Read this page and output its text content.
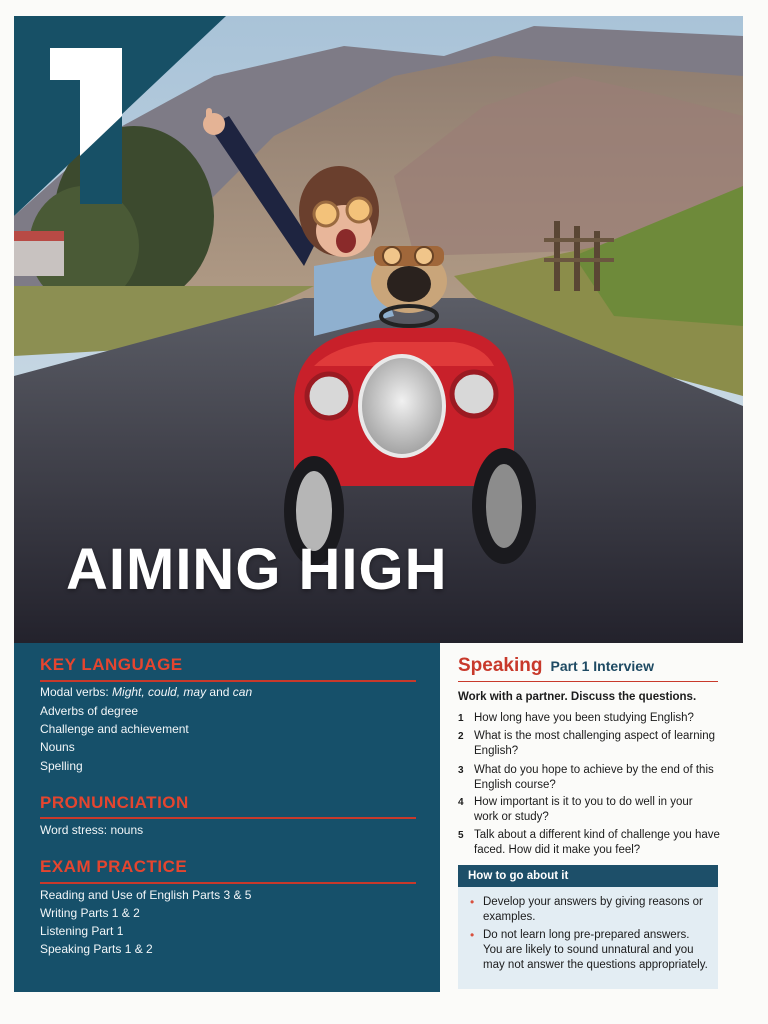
AIMING HIGH
KEY LANGUAGE
Modal verbs: Might, could, may and can
Adverbs of degree
Challenge and achievement
Nouns
Spelling
PRONUNCIATION
Word stress: nouns
EXAM PRACTICE
Reading and Use of English Parts 3 & 5
Writing Parts 1 & 2
Listening Part 1
Speaking Parts 1 & 2
Speaking Part 1 Interview
Work with a partner. Discuss the questions.
1 How long have you been studying English?
2 What is the most challenging aspect of learning English?
3 What do you hope to achieve by the end of this English course?
4 How important is it to you to do well in your work or study?
5 Talk about a different kind of challenge you have faced. How did it make you feel?
How to go about it
• Develop your answers by giving reasons or examples.
• Do not learn long pre-prepared answers. You are likely to sound unnatural and you may not answer the questions appropriately.
